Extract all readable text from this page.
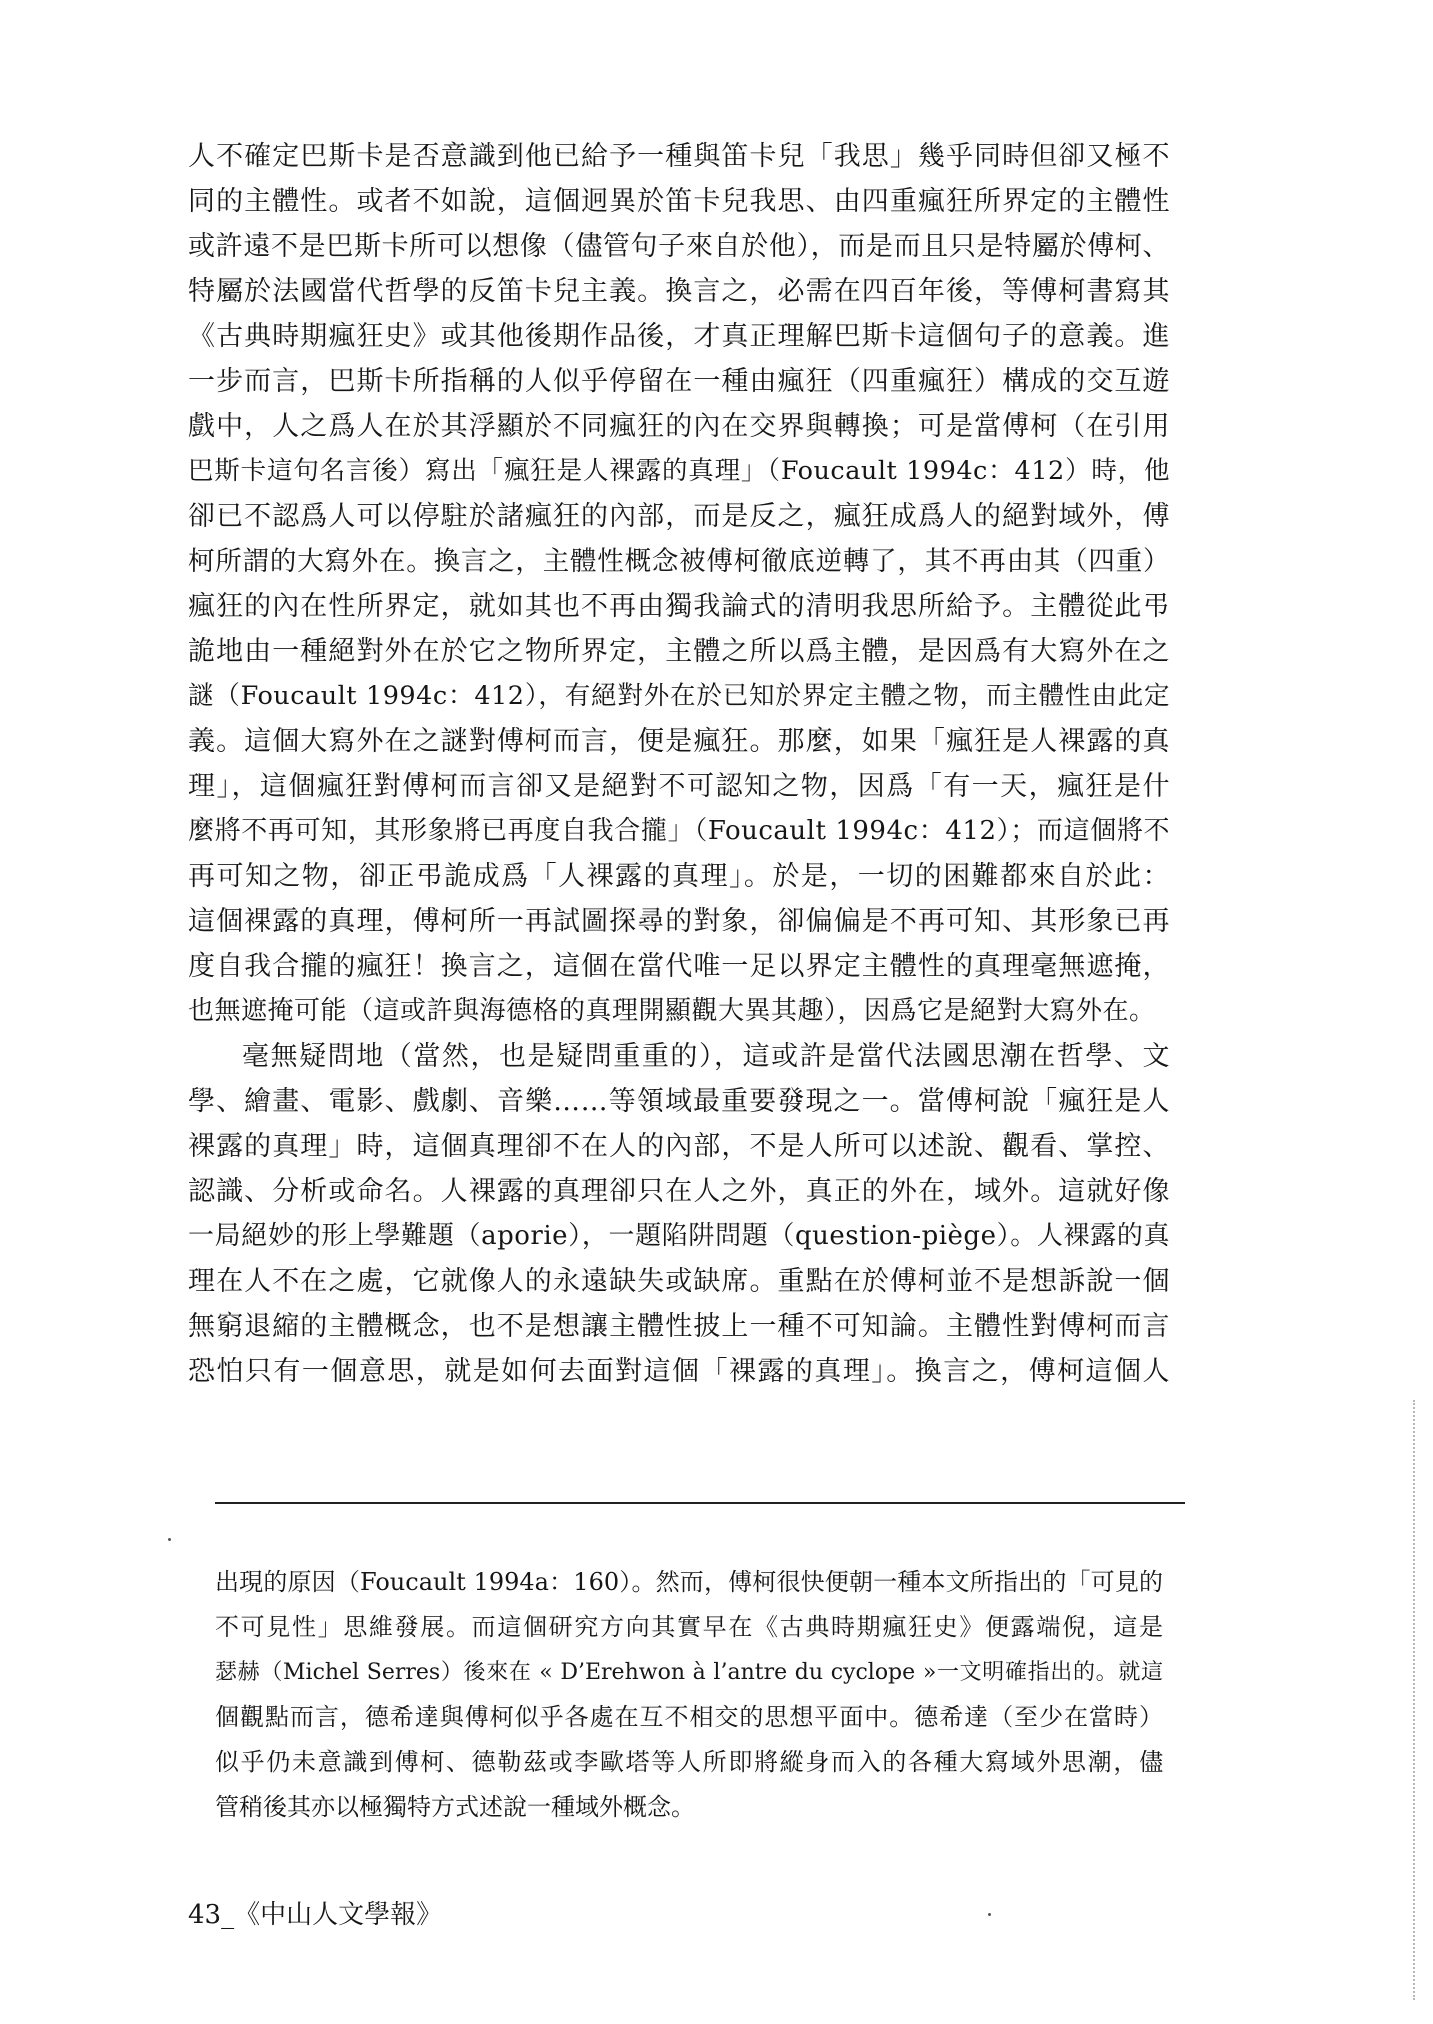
人不確定巴斯卡是否意識到他已給予一種與笛卡兒「我思」幾乎同時但卻又極不
同的主體性。或者不如說，這個迥異於笛卡兒我思、由四重瘋狂所界定的主體性
或許遠不是巴斯卡所可以想像（儘管句子來自於他），而是而且只是特屬於傅柯、
特屬於法國當代哲學的反笛卡兒主義。換言之，必需在四百年後，等傅柯書寫其
《古典時期瘋狂史》或其他後期作品後，才真正理解巴斯卡這個句子的意義。進
一步而言，巴斯卡所指稱的人似乎停留在一種由瘋狂（四重瘋狂）構成的交互遊
戲中，人之爲人在於其浮顯於不同瘋狂的內在交界與轉換；可是當傅柯（在引用
巴斯卡這句名言後）寫出「瘋狂是人裸露的真理」（Foucault 1994c：412）時，他
卻已不認爲人可以停駐於諸瘋狂的內部，而是反之，瘋狂成爲人的絕對域外，傅
柯所謂的大寫外在。換言之，主體性概念被傅柯徹底逆轉了，其不再由其（四重）
瘋狂的內在性所界定，就如其也不再由獨我論式的清明我思所給予。主體從此弔
詭地由一種絕對外在於它之物所界定，主體之所以爲主體，是因爲有大寫外在之
謎（Foucault 1994c：412），有絕對外在於已知於界定主體之物，而主體性由此定
義。這個大寫外在之謎對傅柯而言，便是瘋狂。那麼，如果「瘋狂是人裸露的真
理」，這個瘋狂對傅柯而言卻又是絕對不可認知之物，因爲「有一天，瘋狂是什
麼將不再可知，其形象將已再度自我合攏」（Foucault 1994c：412）；而這個將不
再可知之物，卻正弔詭成爲「人裸露的真理」。於是，一切的困難都來自於此：
這個裸露的真理，傅柯所一再試圖探尋的對象，卻偏偏是不再可知、其形象已再
度自我合攏的瘋狂！換言之，這個在當代唯一足以界定主體性的真理毫無遮掩，
也無遮掩可能（這或許與海德格的真理開顯觀大異其趣），因爲它是絕對大寫外在。
毫無疑問地（當然，也是疑問重重的），這或許是當代法國思潮在哲學、文
學、繪畫、電影、戲劇、音樂……等領域最重要發現之一。當傅柯說「瘋狂是人
裸露的真理」時，這個真理卻不在人的內部，不是人所可以述說、觀看、掌控、
認識、分析或命名。人裸露的真理卻只在人之外，真正的外在，域外。這就好像
一局絕妙的形上學難題（aporie），一題陷阱問題（question-piège）。人裸露的真
理在人不在之處，它就像人的永遠缺失或缺席。重點在於傅柯並不是想訴說一個
無窮退縮的主體概念，也不是想讓主體性披上一種不可知論。主體性對傅柯而言
恐怕只有一個意思，就是如何去面對這個「裸露的真理」。換言之，傅柯這個人
出現的原因（Foucault 1994a：160）。然而，傅柯很快便朝一種本文所指出的「可見的
不可見性」思維發展。而這個研究方向其實早在《古典時期瘋狂史》便露端倪，這是
瑟赫（Michel Serres）後來在 « D’Erehwon à l’antre du cyclope »一文明確指出的。就這
個觀點而言，德希達與傅柯似乎各處在互不相交的思想平面中。德希達（至少在當時）
似乎仍未意識到傅柯、德勒茲或李歐塔等人所即將縱身而入的各種大寫域外思潮，儘
管稍後其亦以極獨特方式述說一種域外概念。
43_《中山人文學報》
